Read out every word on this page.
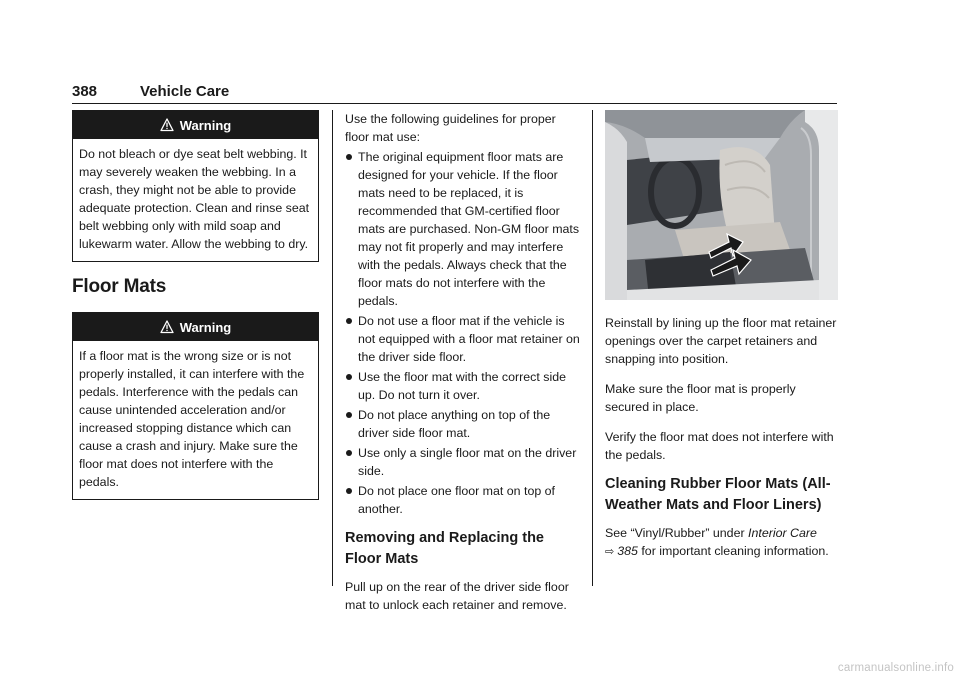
388	Vehicle Care
Warning
Do not bleach or dye seat belt webbing. It may severely weaken the webbing. In a crash, they might not be able to provide adequate protection. Clean and rinse seat belt webbing only with mild soap and lukewarm water. Allow the webbing to dry.
Floor Mats
Warning
If a floor mat is the wrong size or is not properly installed, it can interfere with the pedals. Interference with the pedals can cause unintended acceleration and/or increased stopping distance which can cause a crash and injury. Make sure the floor mat does not interfere with the pedals.
Use the following guidelines for proper floor mat use:
The original equipment floor mats are designed for your vehicle. If the floor mats need to be replaced, it is recommended that GM-certified floor mats are purchased. Non-GM floor mats may not fit properly and may interfere with the pedals. Always check that the floor mats do not interfere with the pedals.
Do not use a floor mat if the vehicle is not equipped with a floor mat retainer on the driver side floor.
Use the floor mat with the correct side up. Do not turn it over.
Do not place anything on top of the driver side floor mat.
Use only a single floor mat on the driver side.
Do not place one floor mat on top of another.
Removing and Replacing the Floor Mats
Pull up on the rear of the driver side floor mat to unlock each retainer and remove.
Reinstall by lining up the floor mat retainer openings over the carpet retainers and snapping into position.
Make sure the floor mat is properly secured in place.
Verify the floor mat does not interfere with the pedals.
Cleaning Rubber Floor Mats (All-Weather Mats and Floor Liners)
See “Vinyl/Rubber” under Interior Care
⇨ 385 for important cleaning information.
carmanualsonline.info
